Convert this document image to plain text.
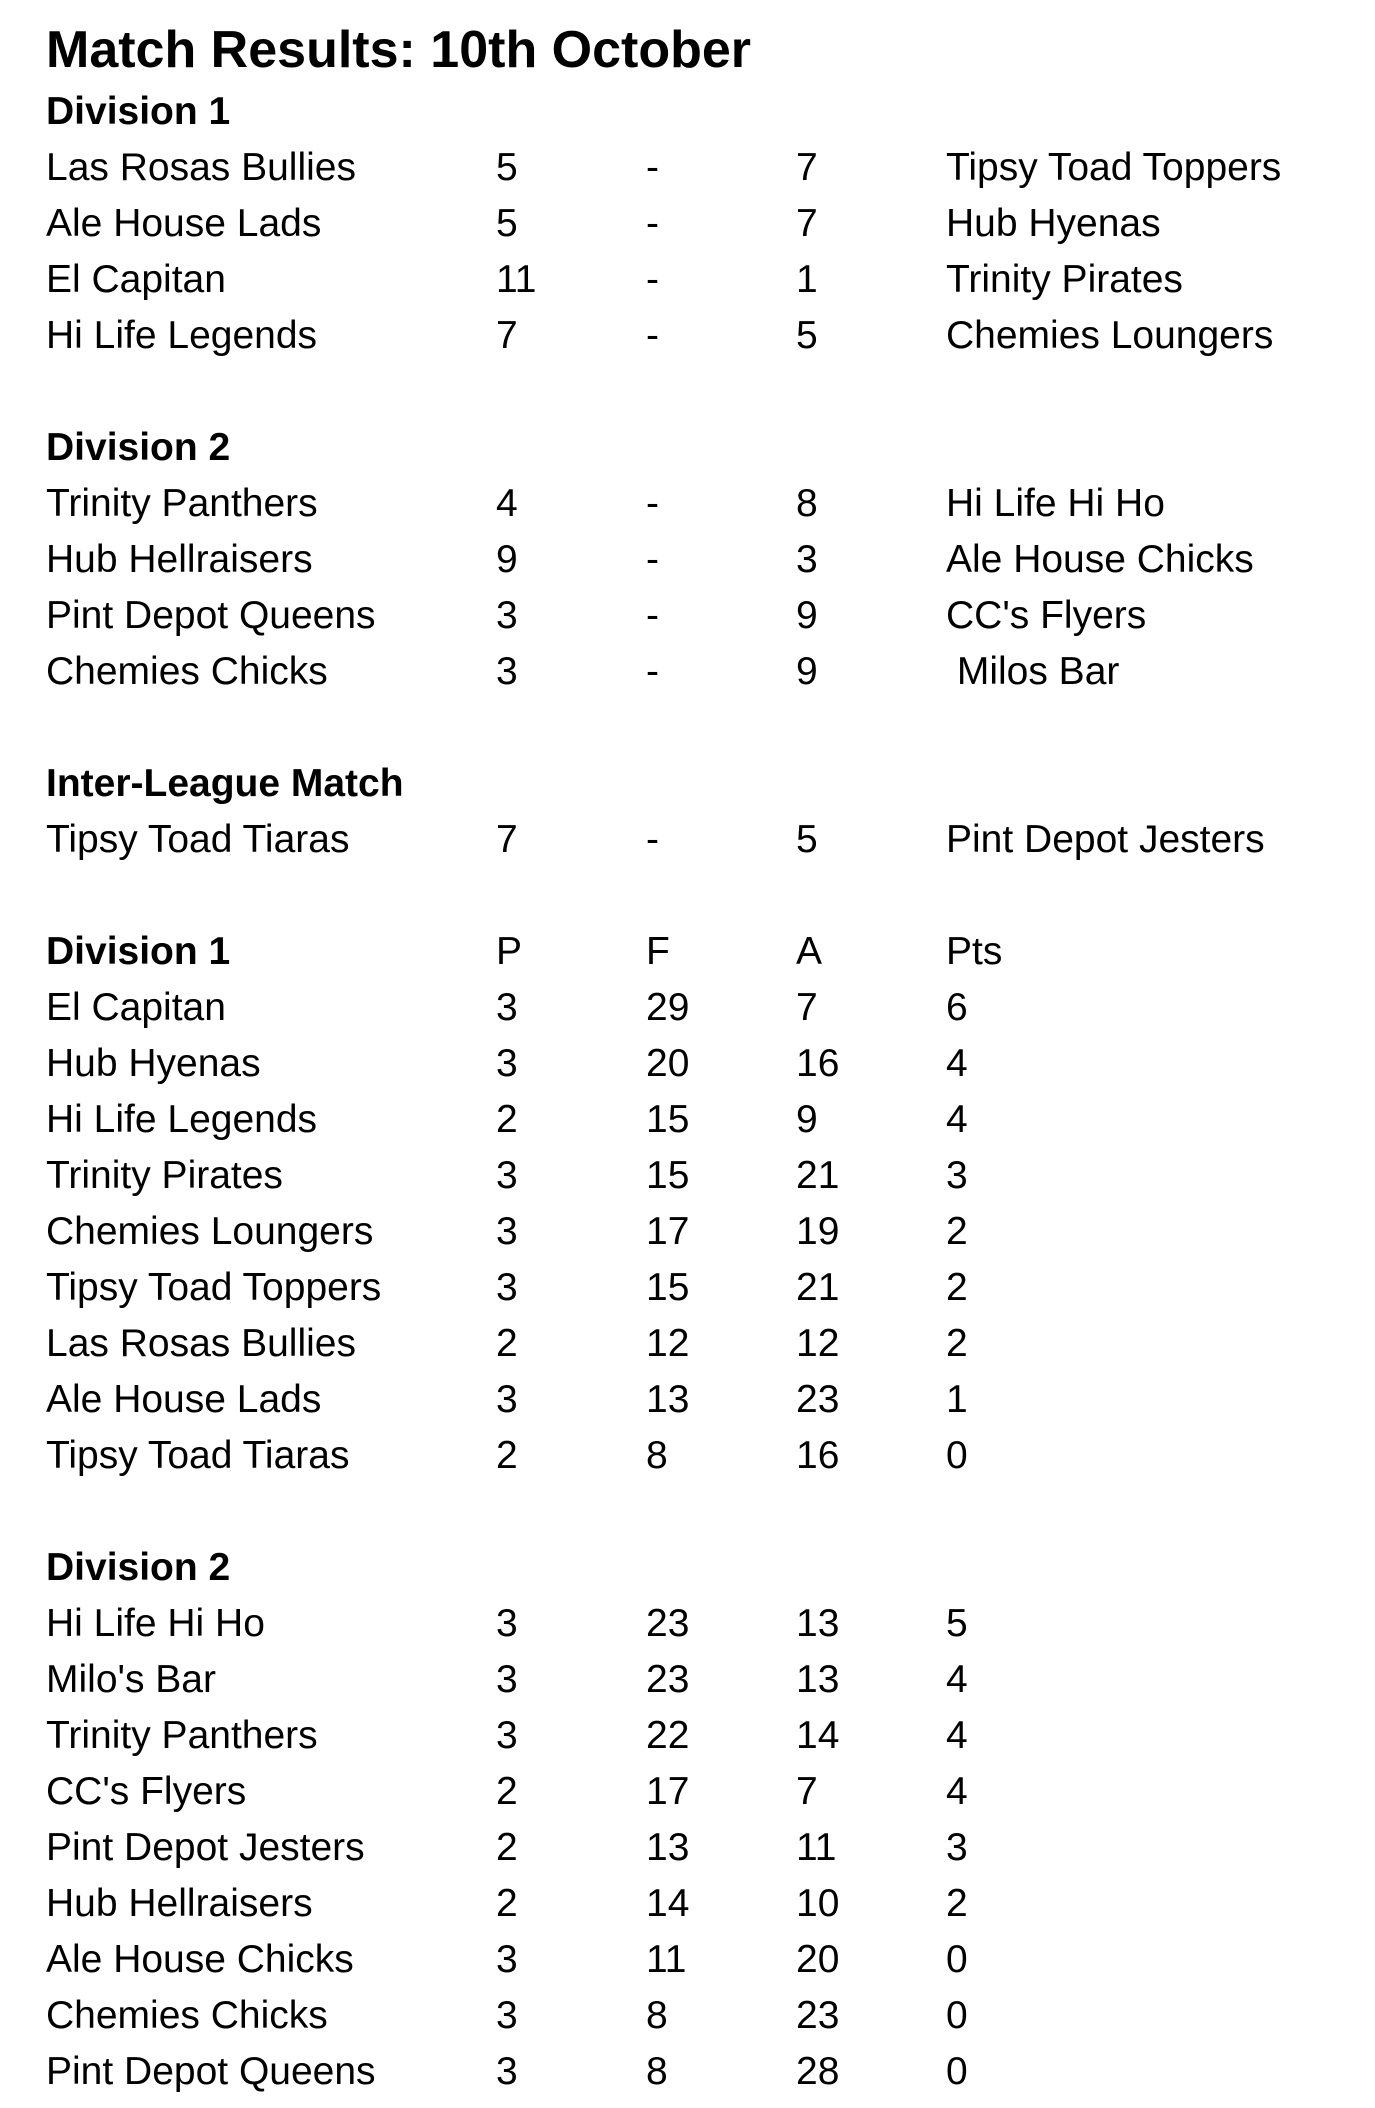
Match Results: 10th October
Division 1
Las Rosas Bullies	5	-	7	Tipsy Toad Toppers
Ale House Lads	5	-	7	Hub Hyenas
El Capitan	11	-	1	Trinity Pirates
Hi Life Legends	7	-	5	Chemies Loungers
Division 2
Trinity Panthers	4	-	8	Hi Life Hi Ho
Hub Hellraisers	9	-	3	Ale House Chicks
Pint Depot Queens	3	-	9	CC's Flyers
Chemies Chicks	3	-	9	Milos Bar
Inter-League Match
Tipsy Toad Tiaras	7	-	5	Pint Depot Jesters
Division 1	P	F	A	Pts
El Capitan	3	29	7	6
Hub Hyenas	3	20	16	4
Hi Life Legends	2	15	9	4
Trinity Pirates	3	15	21	3
Chemies Loungers	3	17	19	2
Tipsy Toad Toppers	3	15	21	2
Las Rosas Bullies	2	12	12	2
Ale House Lads	3	13	23	1
Tipsy Toad Tiaras	2	8	16	0
Division 2
Hi Life Hi Ho	3	23	13	5
Milo's Bar	3	23	13	4
Trinity Panthers	3	22	14	4
CC's Flyers	2	17	7	4
Pint Depot Jesters	2	13	11	3
Hub Hellraisers	2	14	10	2
Ale House Chicks	3	11	20	0
Chemies Chicks	3	8	23	0
Pint Depot Queens	3	8	28	0
